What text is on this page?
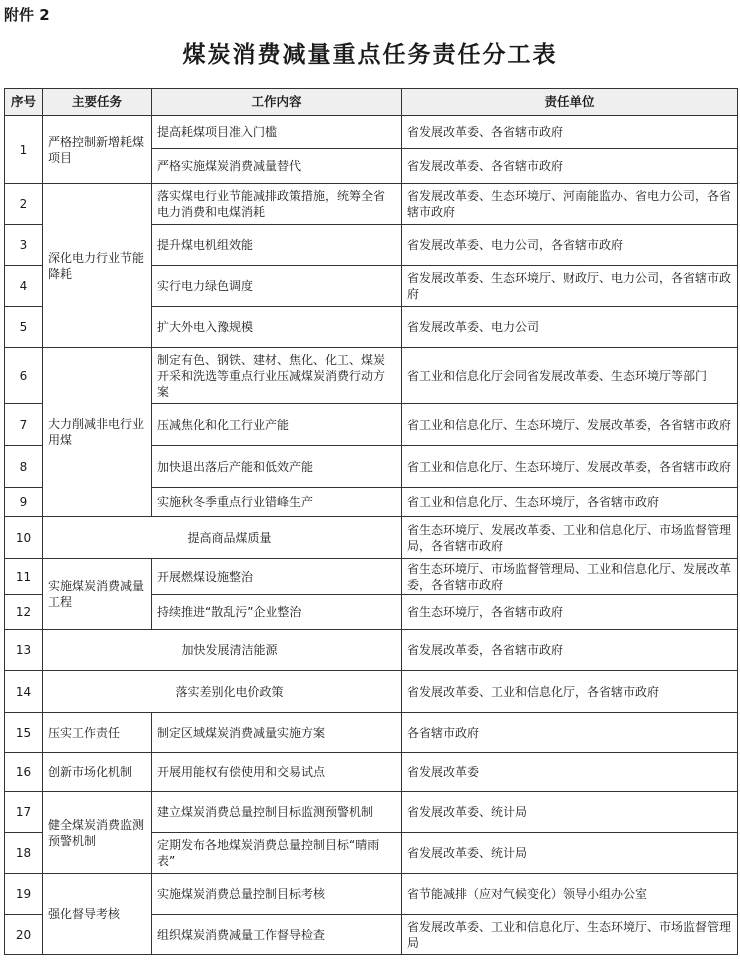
附件 2
煤炭消费减量重点任务责任分工表
序号	主要任务	工作内容	责任单位
1	严格控制新增耗煤项目	提高耗煤项目准入门槛	省发展改革委、各省辖市政府
		严格实施煤炭消费减量替代	省发展改革委、各省辖市政府
2	深化电力行业节能降耗	落实煤电行业节能减排政策措施，统筹全省电力消费和电煤消耗	省发展改革委、生态环境厅、河南能监办、省电力公司，各省辖市政府
3		提升煤电机组效能	省发展改革委、电力公司，各省辖市政府
4		实行电力绿色调度	省发展改革委、生态环境厅、财政厅、电力公司，各省辖市政府
5		扩大外电入豫规模	省发展改革委、电力公司
6	大力削减非电行业用煤	制定有色、钢铁、建材、焦化、化工、煤炭开采和洗选等重点行业压减煤炭消费行动方案	省工业和信息化厅会同省发展改革委、生态环境厅等部门
7		压减焦化和化工行业产能	省工业和信息化厅、生态环境厅、发展改革委，各省辖市政府
8		加快退出落后产能和低效产能	省工业和信息化厅、生态环境厅、发展改革委，各省辖市政府
9		实施秋冬季重点行业错峰生产	省工业和信息化厅、生态环境厅，各省辖市政府
10	提高商品煤质量		省生态环境厅、发展改革委、工业和信息化厅、市场监督管理局，各省辖市政府
11	实施煤炭消费减量工程	开展燃煤设施整治	省生态环境厅、市场监督管理局、工业和信息化厅、发展改革委，各省辖市政府
12		持续推进“散乱污”企业整治	省生态环境厅，各省辖市政府
13	加快发展清洁能源		省发展改革委，各省辖市政府
14	落实差别化电价政策		省发展改革委、工业和信息化厅，各省辖市政府
15	压实工作责任	制定区域煤炭消费减量实施方案	各省辖市政府
16	创新市场化机制	开展用能权有偿使用和交易试点	省发展改革委
17	健全煤炭消费监测预警机制	建立煤炭消费总量控制目标监测预警机制	省发展改革委、统计局
18		定期发布各地煤炭消费总量控制目标“晴雨表”	省发展改革委、统计局
19	强化督导考核	实施煤炭消费总量控制目标考核	省节能减排（应对气候变化）领导小组办公室
20		组织煤炭消费减量工作督导检查	省发展改革委、工业和信息化厅、生态环境厅、市场监督管理局
